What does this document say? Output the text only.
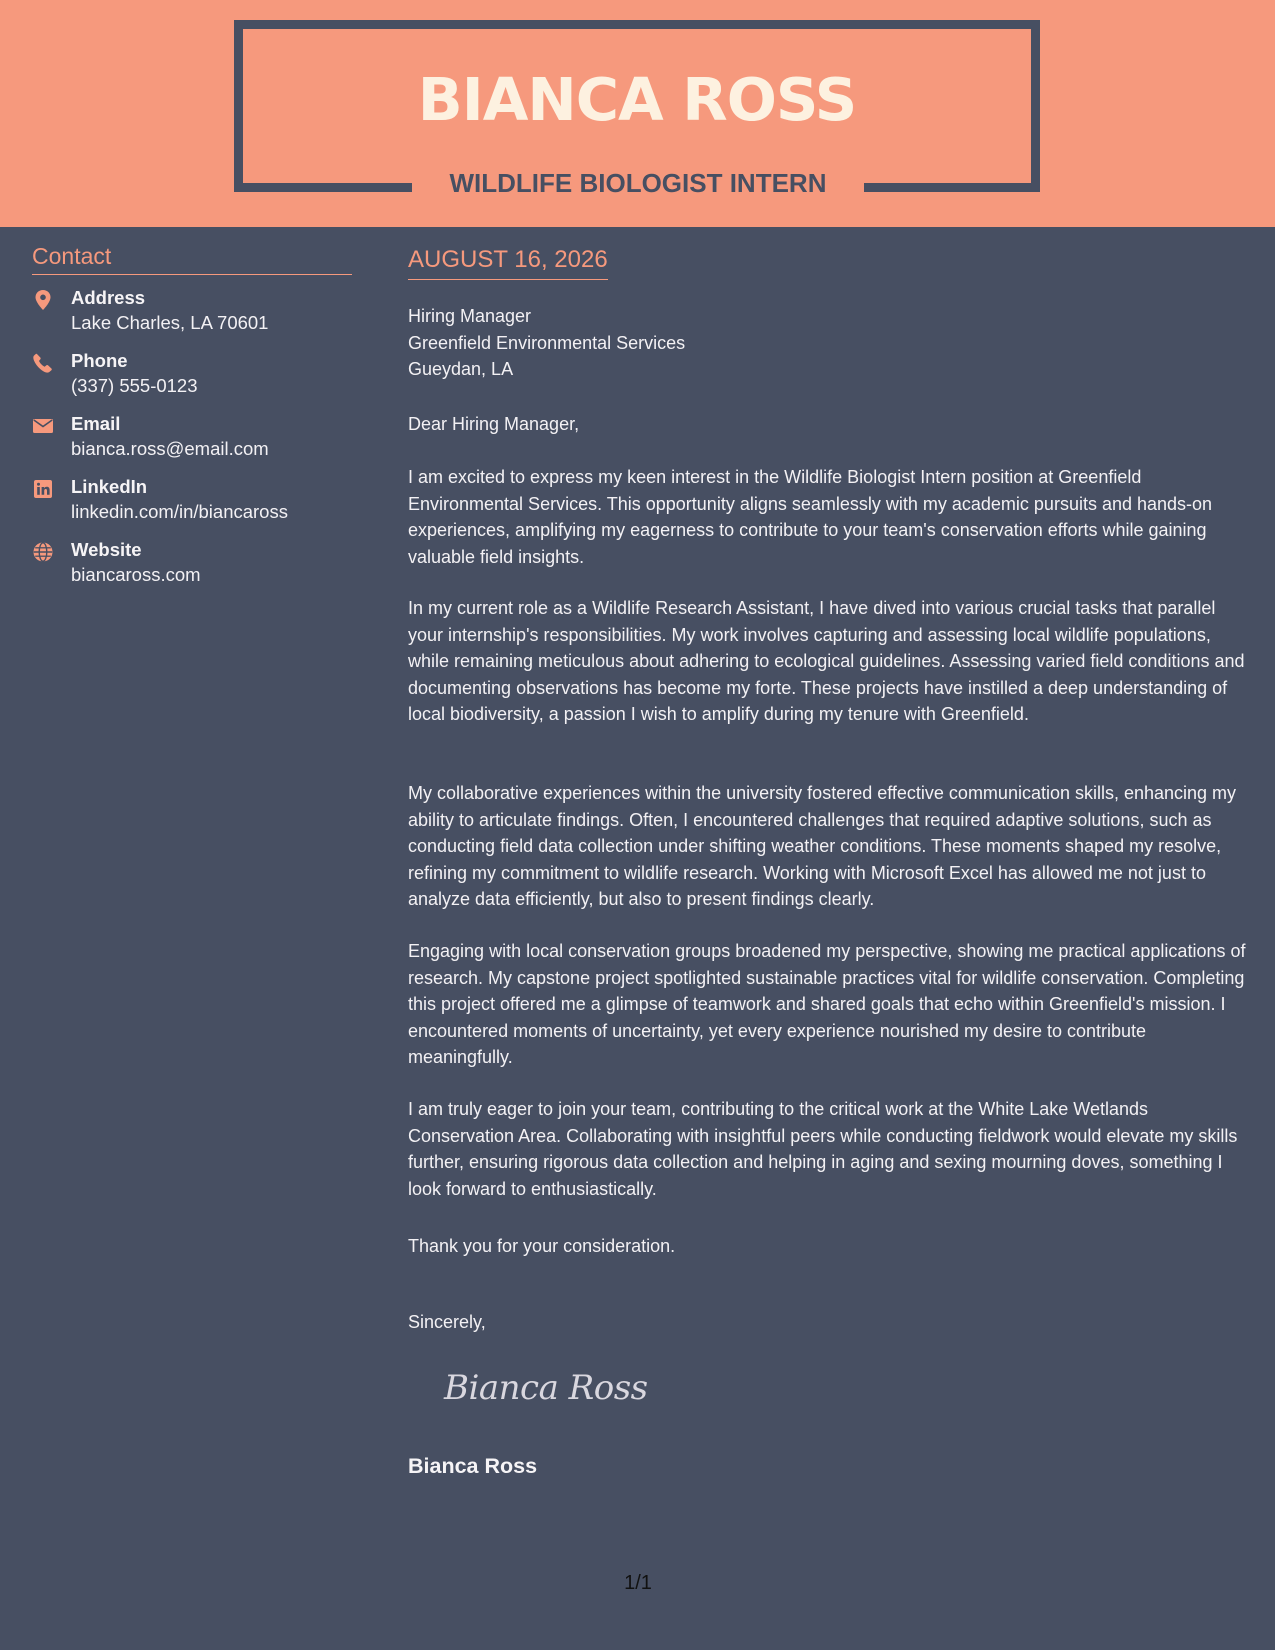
BIANCA ROSS
WILDLIFE BIOLOGIST INTERN
Contact
Address
Lake Charles, LA 70601
Phone
(337) 555-0123
Email
bianca.ross@email.com
LinkedIn
linkedin.com/in/biancaross
Website
biancaross.com
AUGUST 16, 2026
Hiring Manager
Greenfield Environmental Services
Gueydan, LA
Dear Hiring Manager,
I am excited to express my keen interest in the Wildlife Biologist Intern position at Greenfield Environmental Services. This opportunity aligns seamlessly with my academic pursuits and hands-on experiences, amplifying my eagerness to contribute to your team's conservation efforts while gaining valuable field insights.
In my current role as a Wildlife Research Assistant, I have dived into various crucial tasks that parallel your internship's responsibilities. My work involves capturing and assessing local wildlife populations, while remaining meticulous about adhering to ecological guidelines. Assessing varied field conditions and documenting observations has become my forte. These projects have instilled a deep understanding of local biodiversity, a passion I wish to amplify during my tenure with Greenfield.
My collaborative experiences within the university fostered effective communication skills, enhancing my ability to articulate findings. Often, I encountered challenges that required adaptive solutions, such as conducting field data collection under shifting weather conditions. These moments shaped my resolve, refining my commitment to wildlife research. Working with Microsoft Excel has allowed me not just to analyze data efficiently, but also to present findings clearly.
Engaging with local conservation groups broadened my perspective, showing me practical applications of research. My capstone project spotlighted sustainable practices vital for wildlife conservation. Completing this project offered me a glimpse of teamwork and shared goals that echo within Greenfield's mission. I encountered moments of uncertainty, yet every experience nourished my desire to contribute meaningfully.
I am truly eager to join your team, contributing to the critical work at the White Lake Wetlands Conservation Area. Collaborating with insightful peers while conducting fieldwork would elevate my skills further, ensuring rigorous data collection and helping in aging and sexing mourning doves, something I look forward to enthusiastically.
Thank you for your consideration.
Sincerely,
Bianca Ross
Bianca Ross
1/1
